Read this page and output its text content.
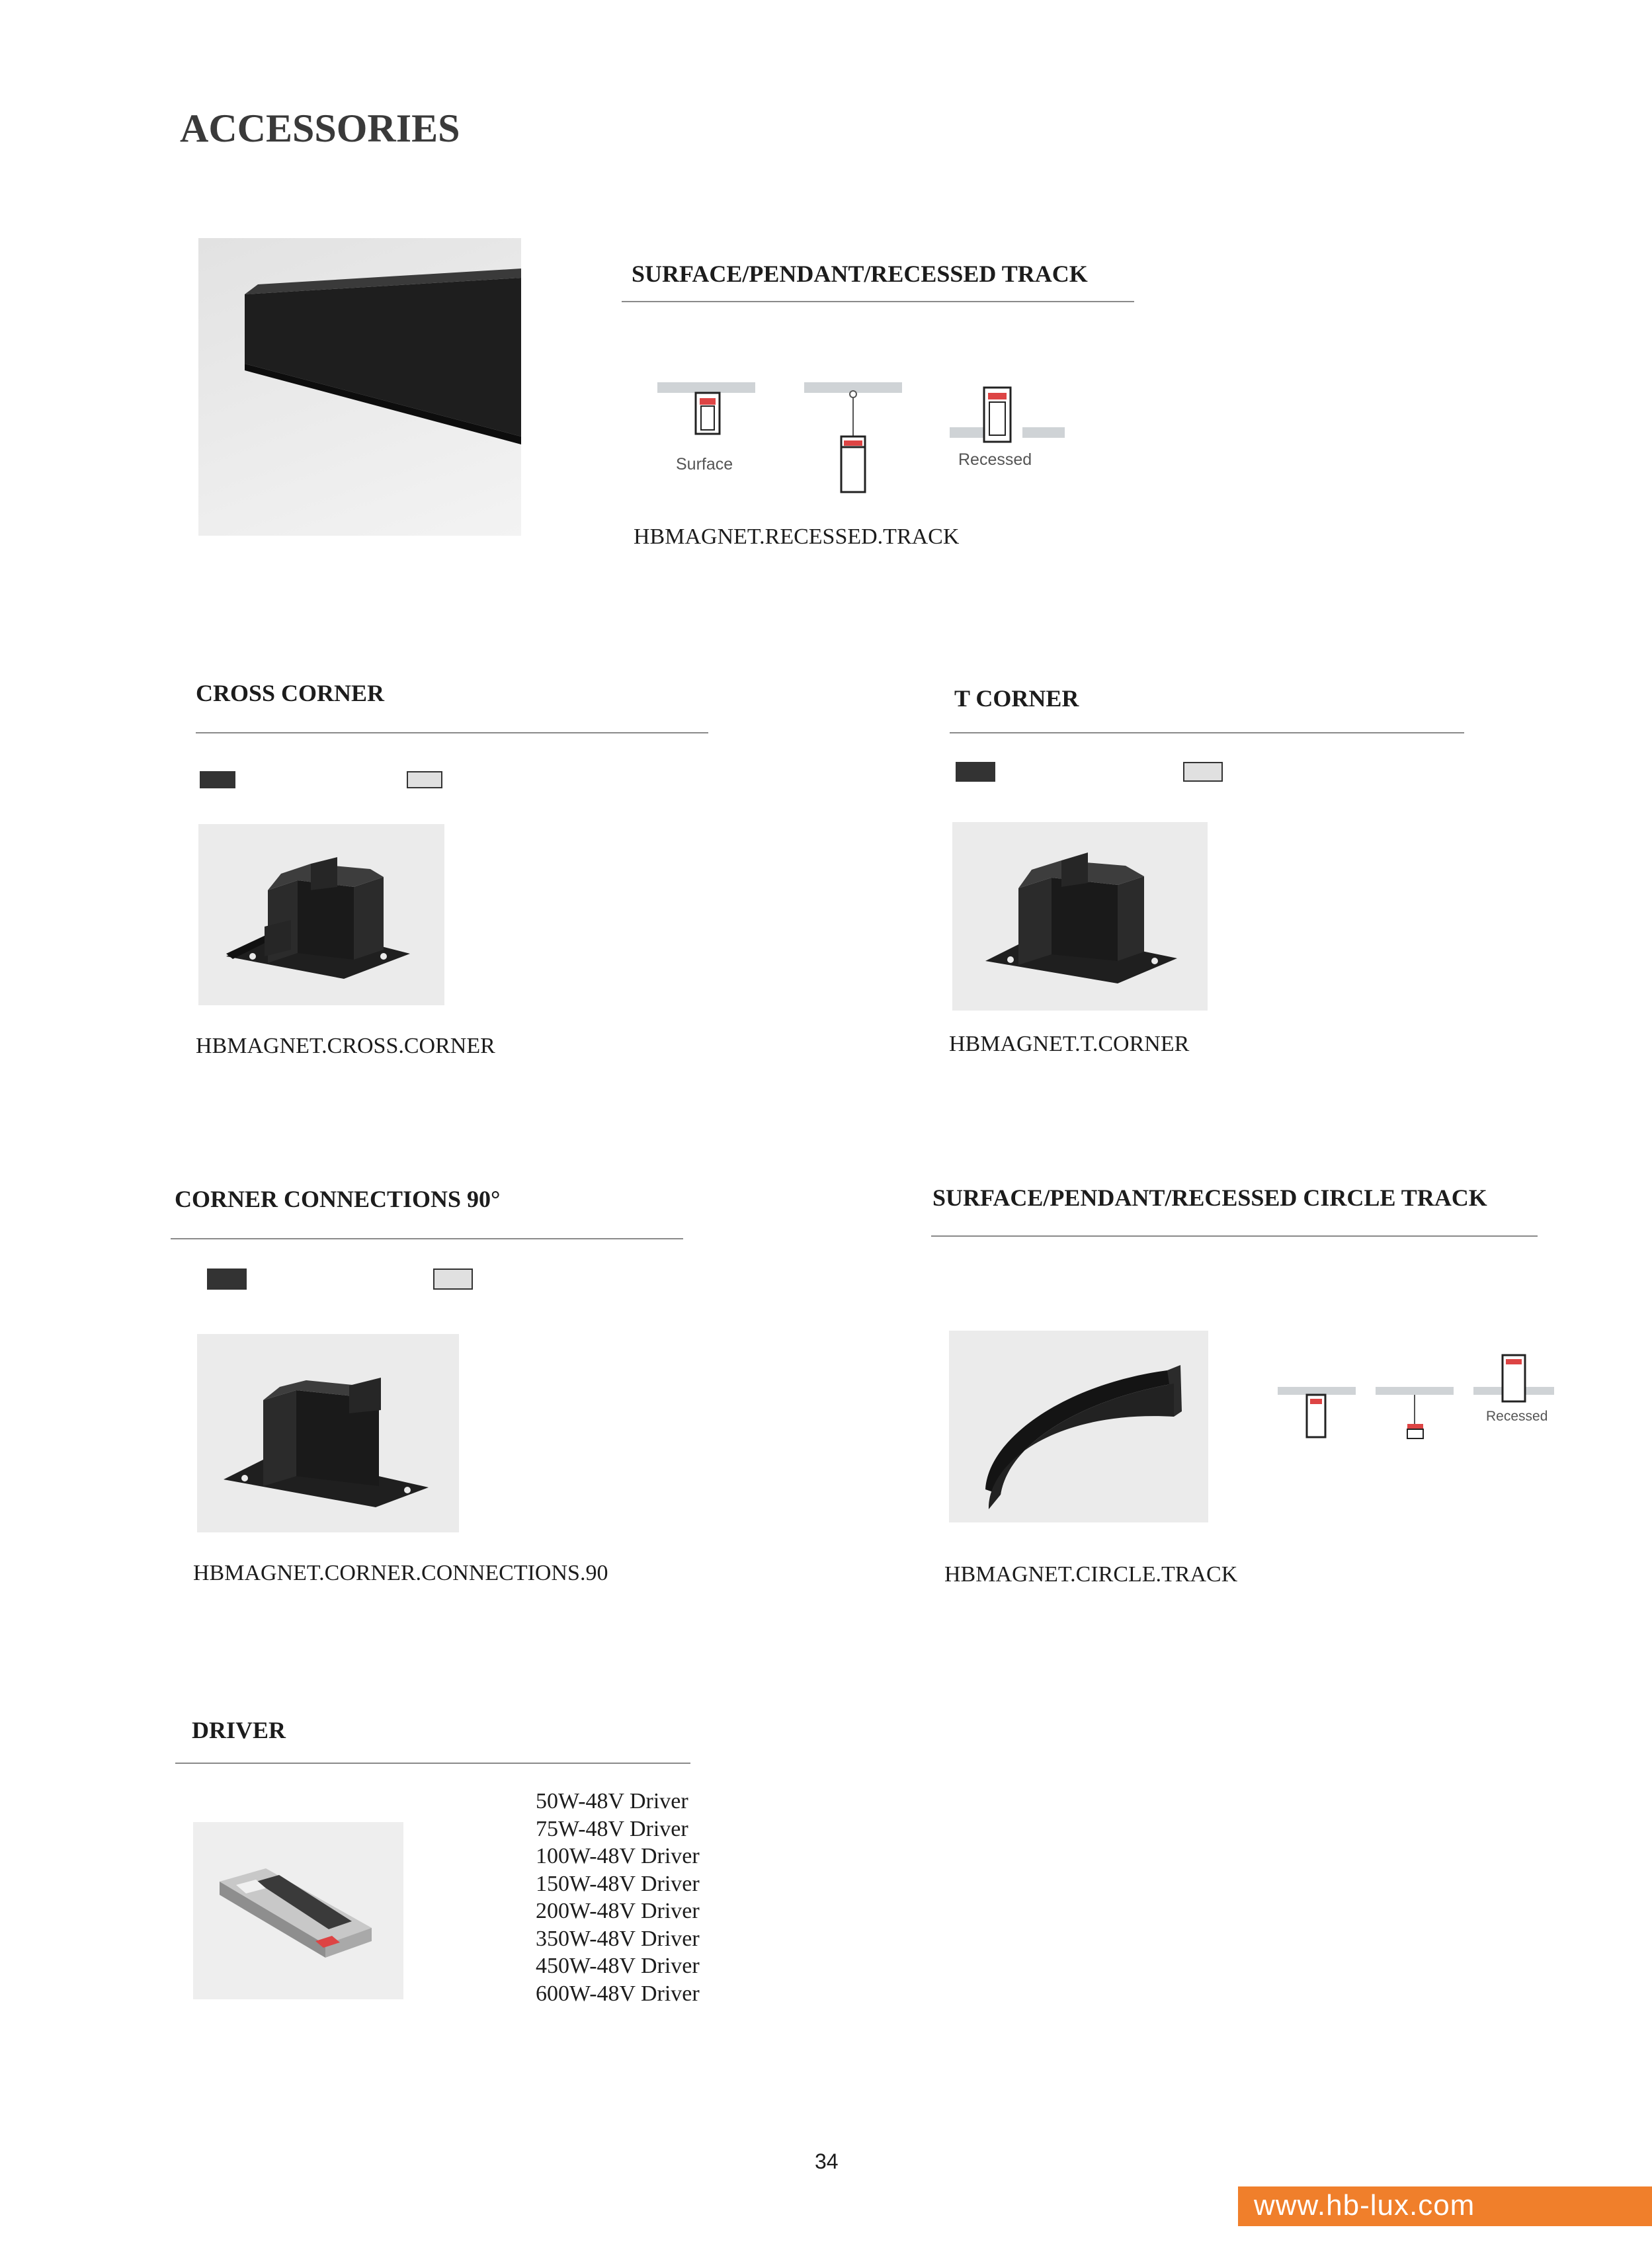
ACCESSORIES
SURFACE/PENDANT/RECESSED TRACK
Surface	Recessed
HBMAGNET.RECESSED.TRACK
CROSS CORNER
HBMAGNET.CROSS.CORNER
T CORNER
HBMAGNET.T.CORNER
CORNER CONNECTIONS 90°
HBMAGNET.CORNER.CONNECTIONS.90
SURFACE/PENDANT/RECESSED CIRCLE TRACK
Recessed
HBMAGNET.CIRCLE.TRACK
DRIVER
50W-48V Driver
75W-48V Driver
100W-48V Driver
150W-48V Driver
200W-48V Driver
350W-48V Driver
450W-48V Driver
600W-48V Driver
34
www.hb-lux.com
